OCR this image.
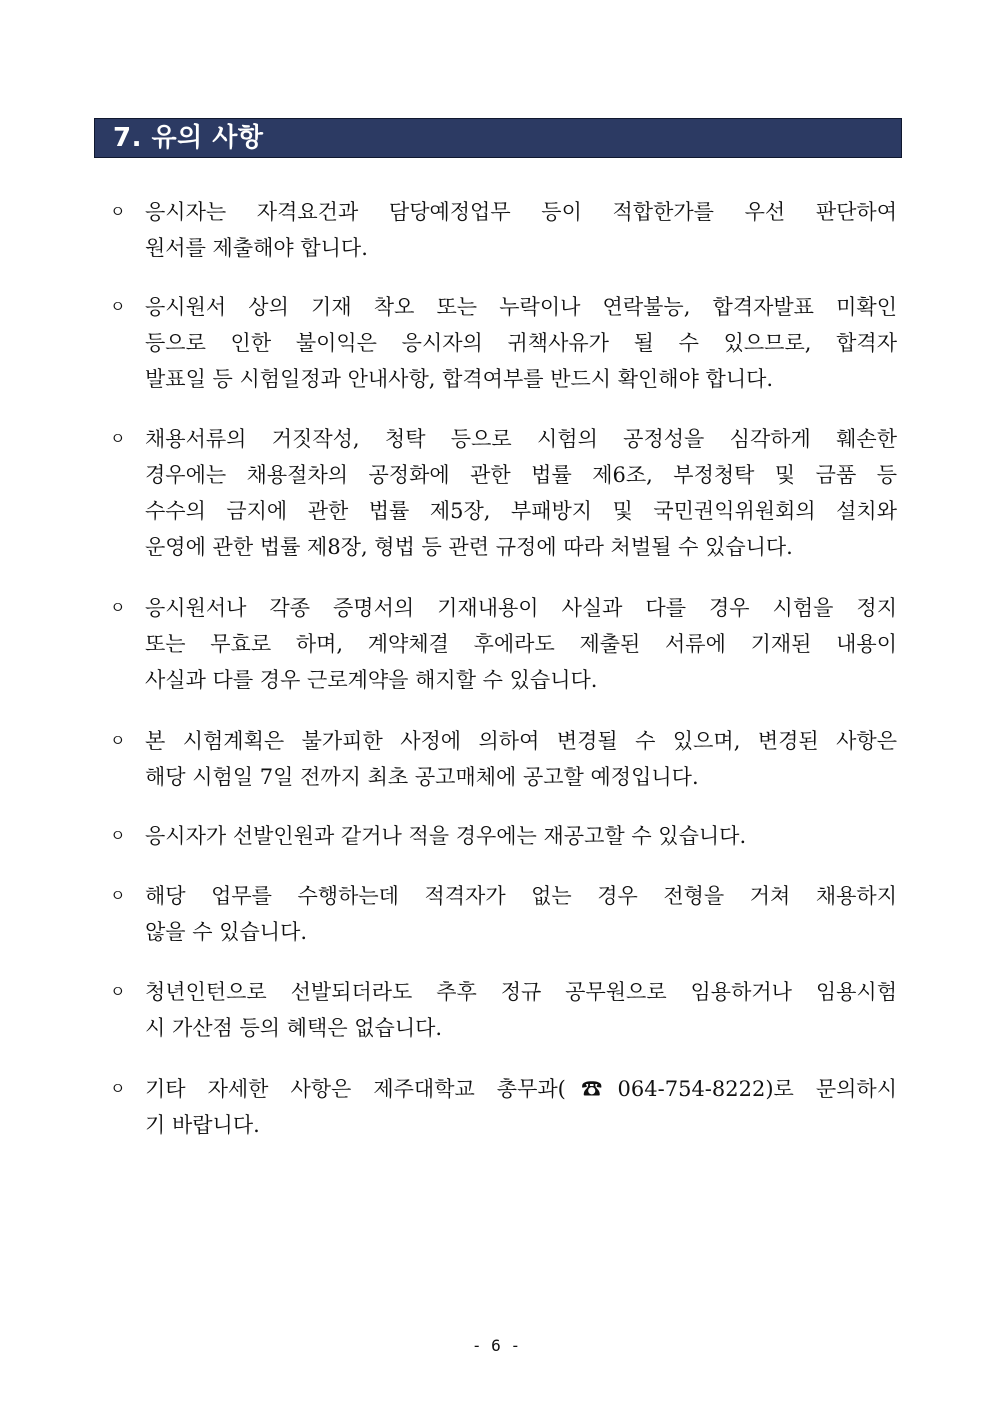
7. 유의 사항
ㅇ 응시자는 자격요건과 담당예정업무 등이 적합한가를 우선 판단하여
원서를 제출해야 합니다.
ㅇ 응시원서 상의 기재 착오 또는 누락이나 연락불능, 합격자발표 미확인
등으로 인한 불이익은 응시자의 귀책사유가 될 수 있으므로, 합격자
발표일 등 시험일정과 안내사항, 합격여부를 반드시 확인해야 합니다.
ㅇ 채용서류의 거짓작성, 청탁 등으로 시험의 공정성을 심각하게 훼손한
경우에는 채용절차의 공정화에 관한 법률 제6조, 부정청탁 및 금품 등
수수의 금지에 관한 법률 제5장, 부패방지 및 국민권익위원회의 설치와
운영에 관한 법률 제8장, 형법 등 관련 규정에 따라 처벌될 수 있습니다.
ㅇ 응시원서나 각종 증명서의 기재내용이 사실과 다를 경우 시험을 정지
또는 무효로 하며, 계약체결 후에라도 제출된 서류에 기재된 내용이
사실과 다를 경우 근로계약을 해지할 수 있습니다.
ㅇ 본 시험계획은 불가피한 사정에 의하여 변경될 수 있으며, 변경된 사항은
해당 시험일 7일 전까지 최초 공고매체에 공고할 예정입니다.
ㅇ 응시자가 선발인원과 같거나 적을 경우에는 재공고할 수 있습니다.
ㅇ 해당 업무를 수행하는데 적격자가 없는 경우 전형을 거쳐 채용하지
않을 수 있습니다.
ㅇ 청년인턴으로 선발되더라도 추후 정규 공무원으로 임용하거나 임용시험
시 가산점 등의 혜택은 없습니다.
ㅇ 기타 자세한 사항은 제주대학교 총무과(☎064-754-8222)로 문의하시
기 바랍니다.
- 6 -
